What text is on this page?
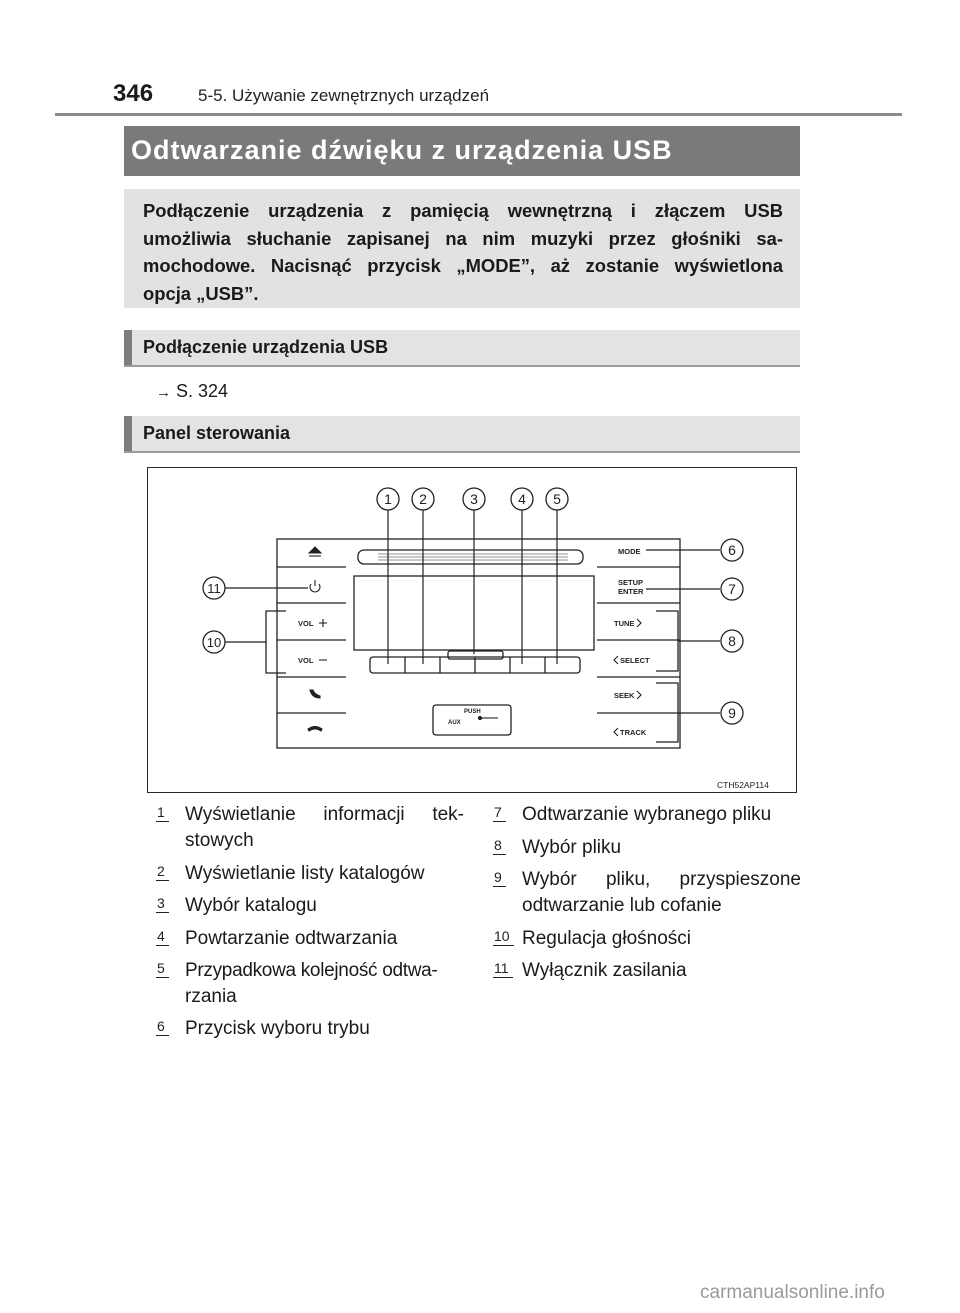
346	5-5. Używanie zewnętrznych urządzeń
Odtwarzanie dźwięku z urządzenia USB
Podłączenie urządzenia z pamięcią wewnętrzną i złączem USB
umożliwia słuchanie zapisanej na nim muzyki przez głośniki sa-
mochodowe. Nacisnąć przycisk „MODE”, aż zostanie wyświetlona
opcja „USB”.
Podłączenie urządzenia USB
→ S. 324
Panel sterowania
1 2	3	4 5
6
7
8
9
10
11
MODE
SETUP
ENTER
TUNE
SELECT
SEEK
TRACK
VOL
VOL
PUSH
AUX
CTH52AP114
1 Wyświetlanie informacji tek-
stowych
2 Wyświetlanie listy katalogów
3 Wybór katalogu
4 Powtarzanie odtwarzania
5 Przypadkowa kolejność odtwa-
rzania
6 Przycisk wyboru trybu
7 Odtwarzanie wybranego pliku
8 Wybór pliku
9 Wybór pliku, przyspieszone
odtwarzanie lub cofanie
10 Regulacja głośności
11 Wyłącznik zasilania
carmanualsonline.info
